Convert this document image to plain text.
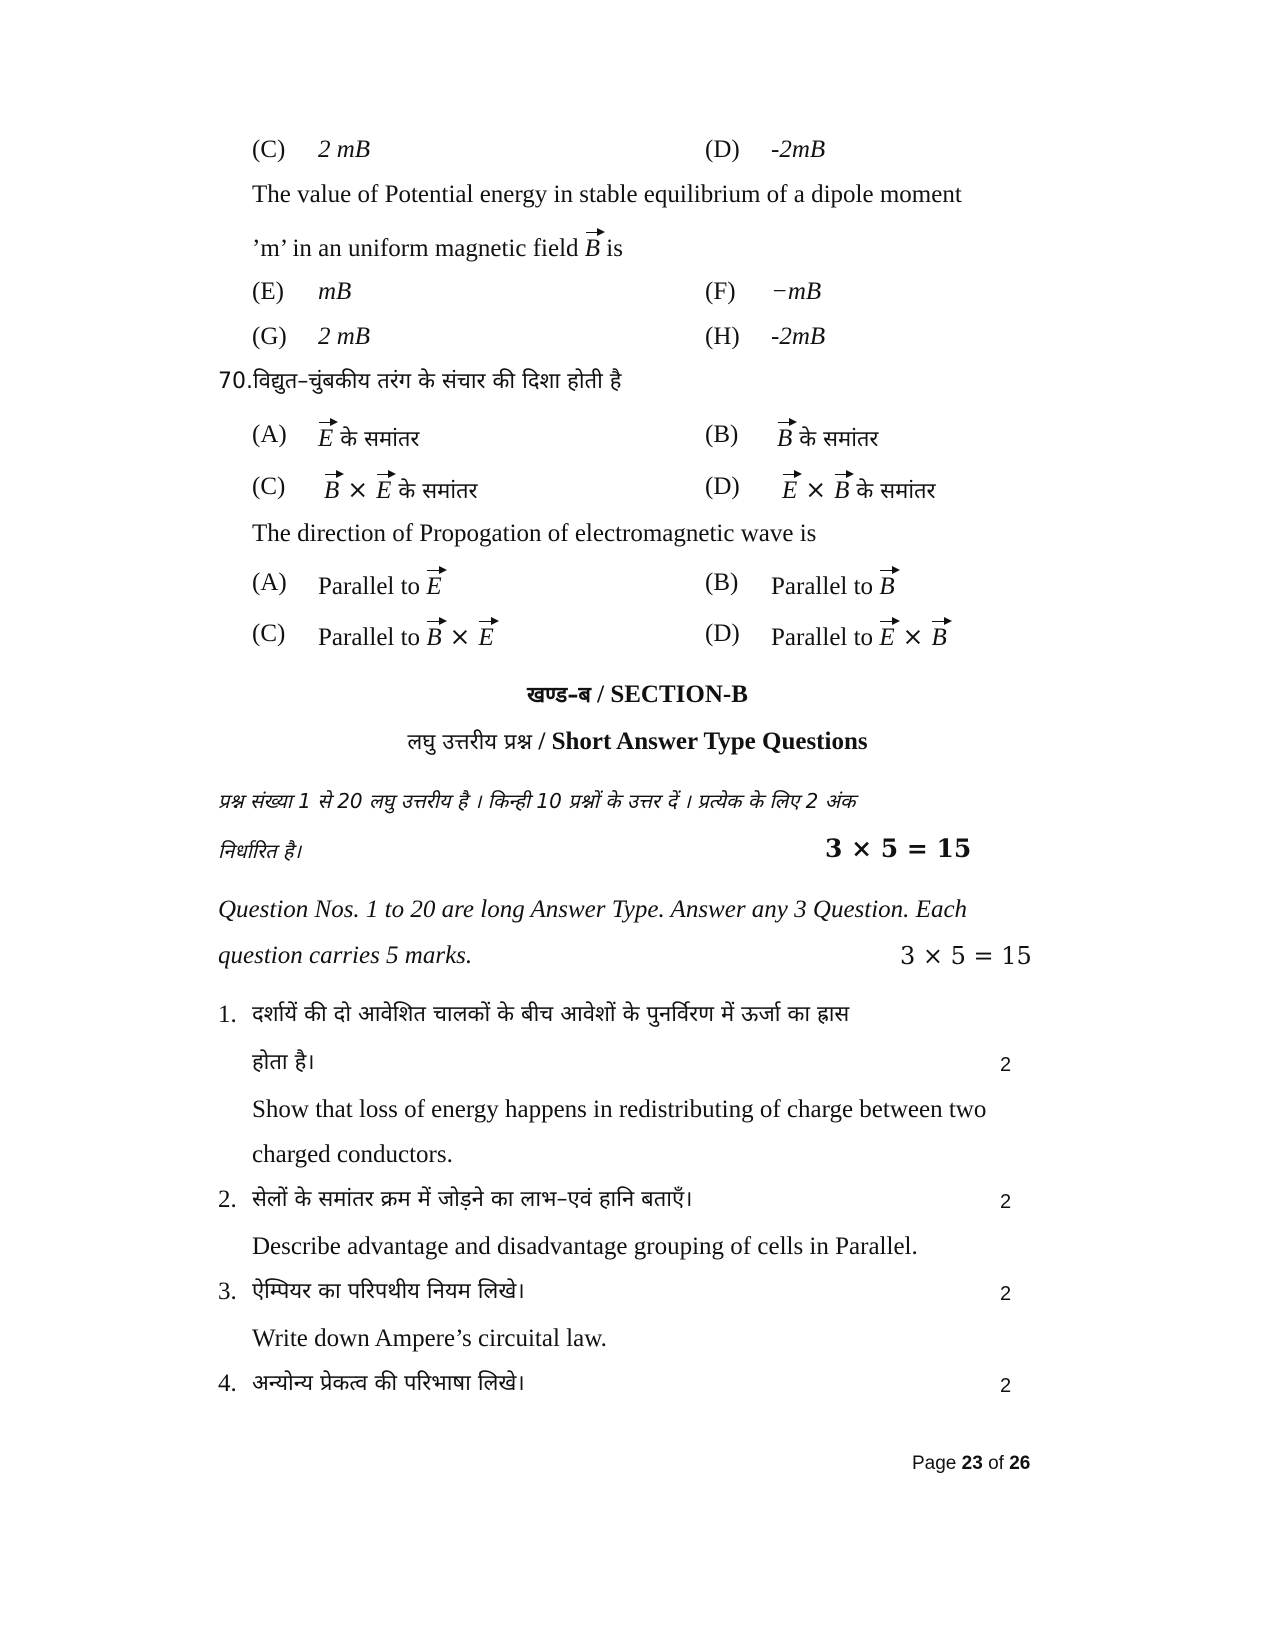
(C) 2 mB	(D) -2mB
The value of Potential energy in stable equilibrium of a dipole moment
’m’ in an uniform magnetic field B is
(E) mB	(F) −mB
(G) 2 mB	(H) -2mB
70.विद्युत–चुंबकीय तरंग के संचार की दिशा होती है
(A) E के समांतर	(B) B के समांतर
(C) B × E के समांतर	(D) E × B के समांतर
The direction of Propogation of electromagnetic wave is
(A) Parallel to E	(B) Parallel to B
(C) Parallel to B × E	(D) Parallel to E × B
खण्ड–ब / SECTION-B
लघु उत्तरीय प्रश्न / Short Answer Type Questions
प्रश्न संख्या 1 से 20 लघु उत्तरीय है । किन्ही 10 प्रश्नों के उत्तर दें । प्रत्येक के लिए 2 अंक
निर्धारित है।	3 × 5 = 15
Question Nos. 1 to 20 are long Answer Type. Answer any 3 Question. Each
question carries 5 marks.	3 × 5 = 15
1. दर्शायें की दो आवेशित चालकों के बीच आवेशों के पुनर्विरण में ऊर्जा का ह्रास
होता है।	2
Show that loss of energy happens in redistributing of charge between two
charged conductors.
2. सेलों के समांतर क्रम में जोड़ने का लाभ–एवं हानि बताएँ।	2
Describe advantage and disadvantage grouping of cells in Parallel.
3. ऐम्पियर का परिपथीय नियम लिखे।	2
Write down Ampere’s circuital law.
4. अन्योन्य प्रेकत्व की परिभाषा लिखे।	2
Page 23 of 26
